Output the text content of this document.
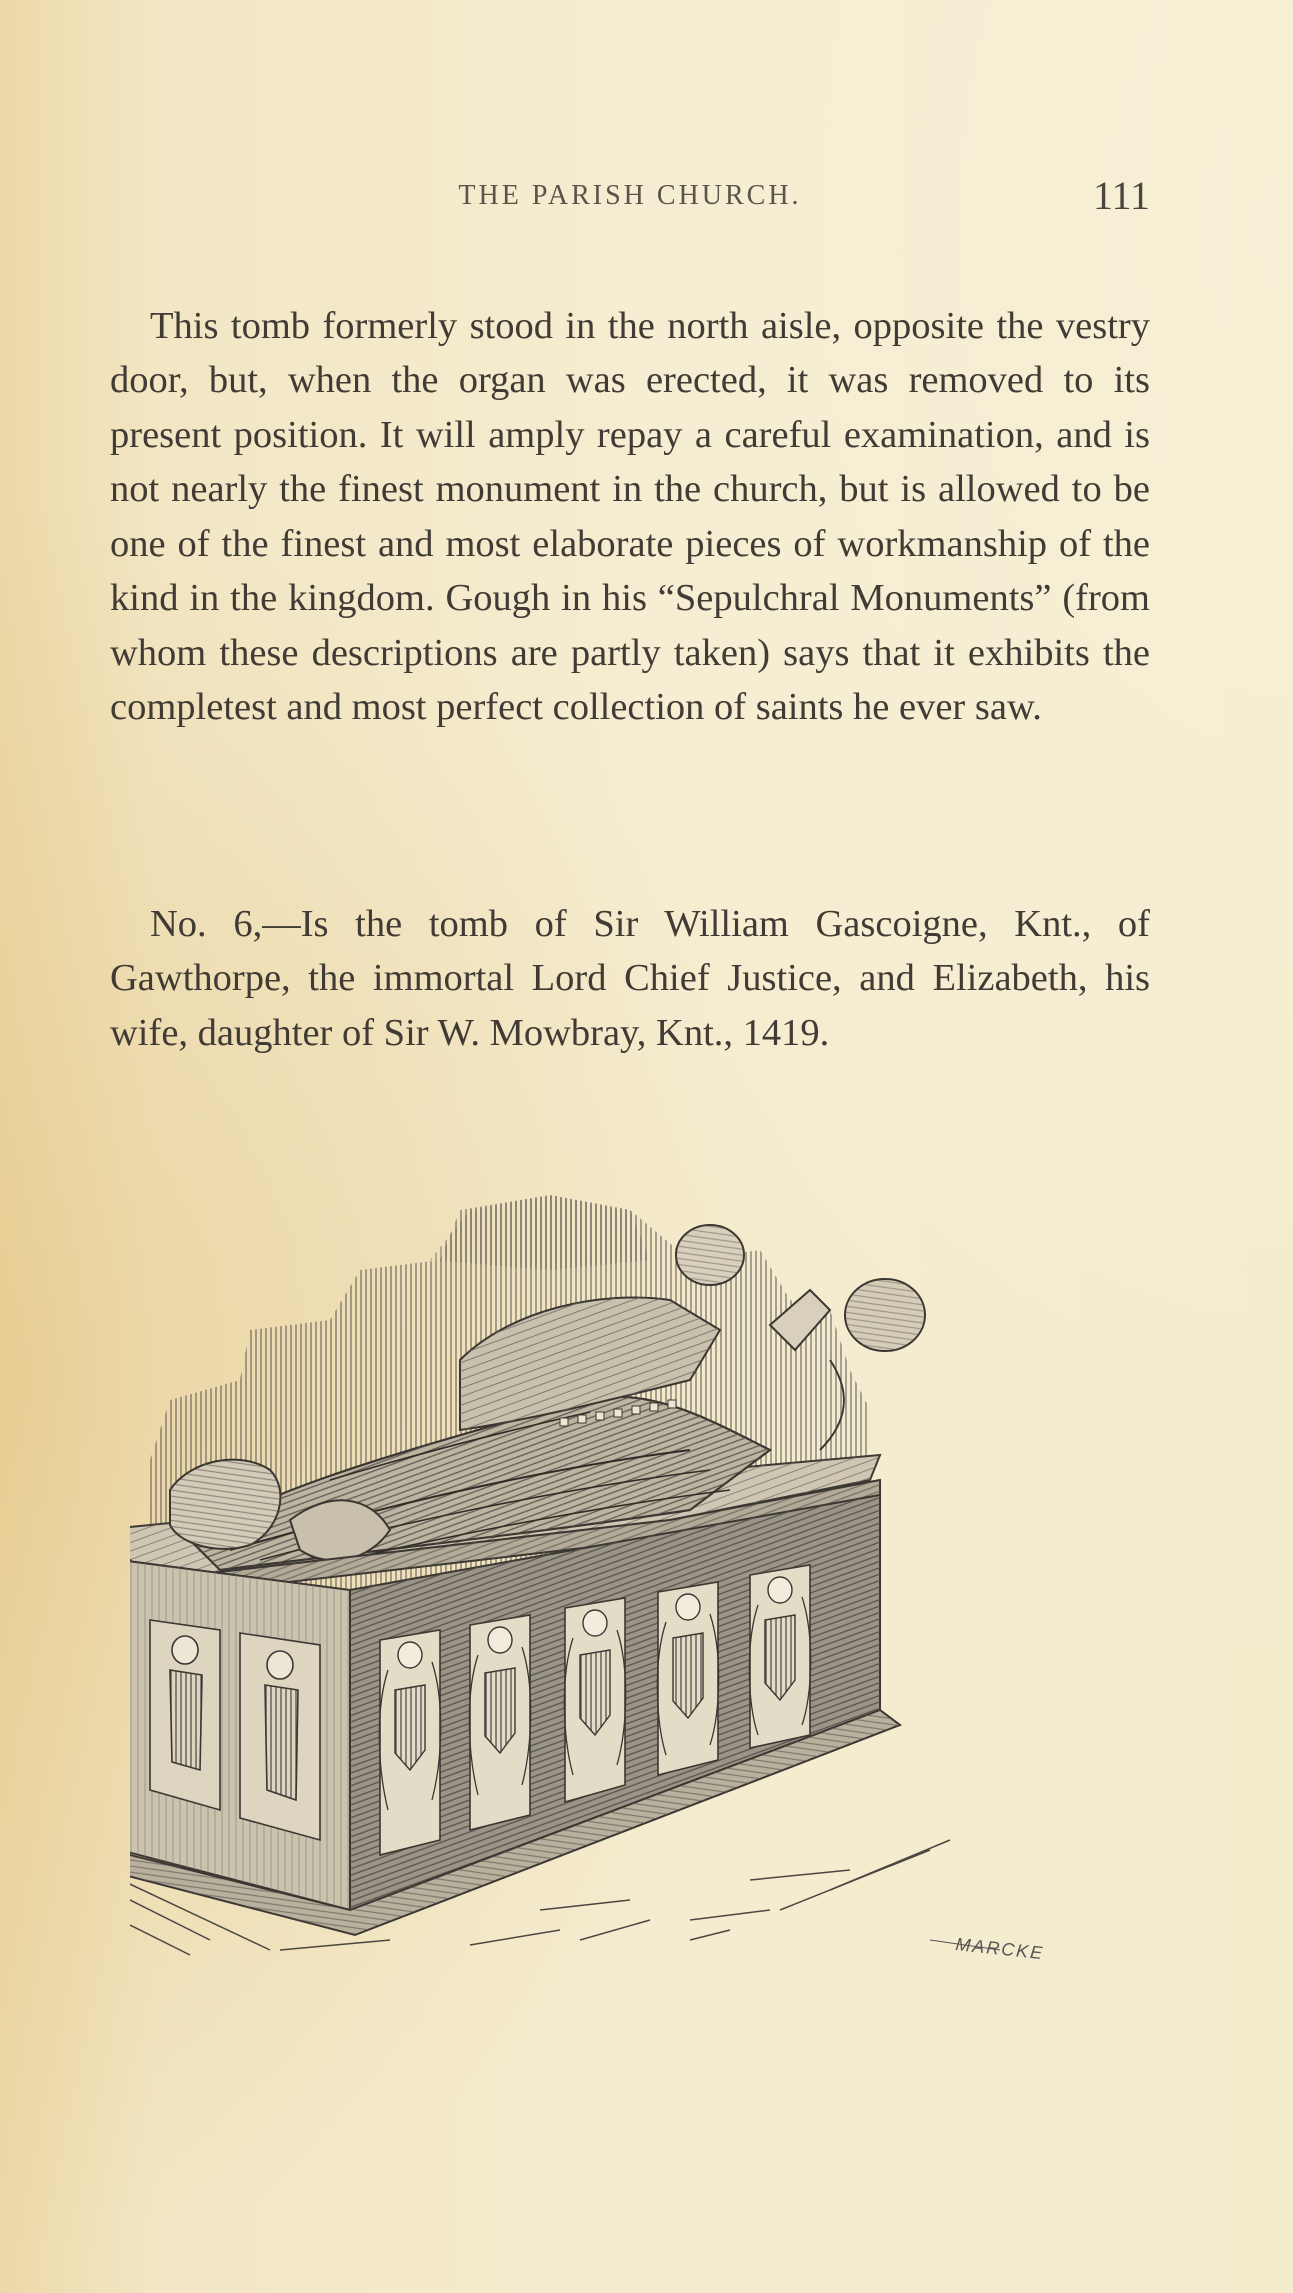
THE PARISH CHURCH.	111

This tomb formerly stood in the north aisle, opposite the vestry door, but, when the organ was erected, it was removed to its present position. It will amply repay a careful examination, and is not nearly the finest monument in the church, but is allowed to be one of the finest and most elaborate pieces of workmanship of the kind in the kingdom. Gough in his “Sepulchral Monuments” (from whom these descriptions are partly taken) says that it exhibits the completest and most perfect collection of saints he ever saw.

No. 6,—Is the tomb of Sir William Gascoigne, Knt., of Gawthorpe, the immortal Lord Chief Justice, and Elizabeth, his wife, daughter of Sir W. Mowbray, Knt., 1419.

MARCKE
